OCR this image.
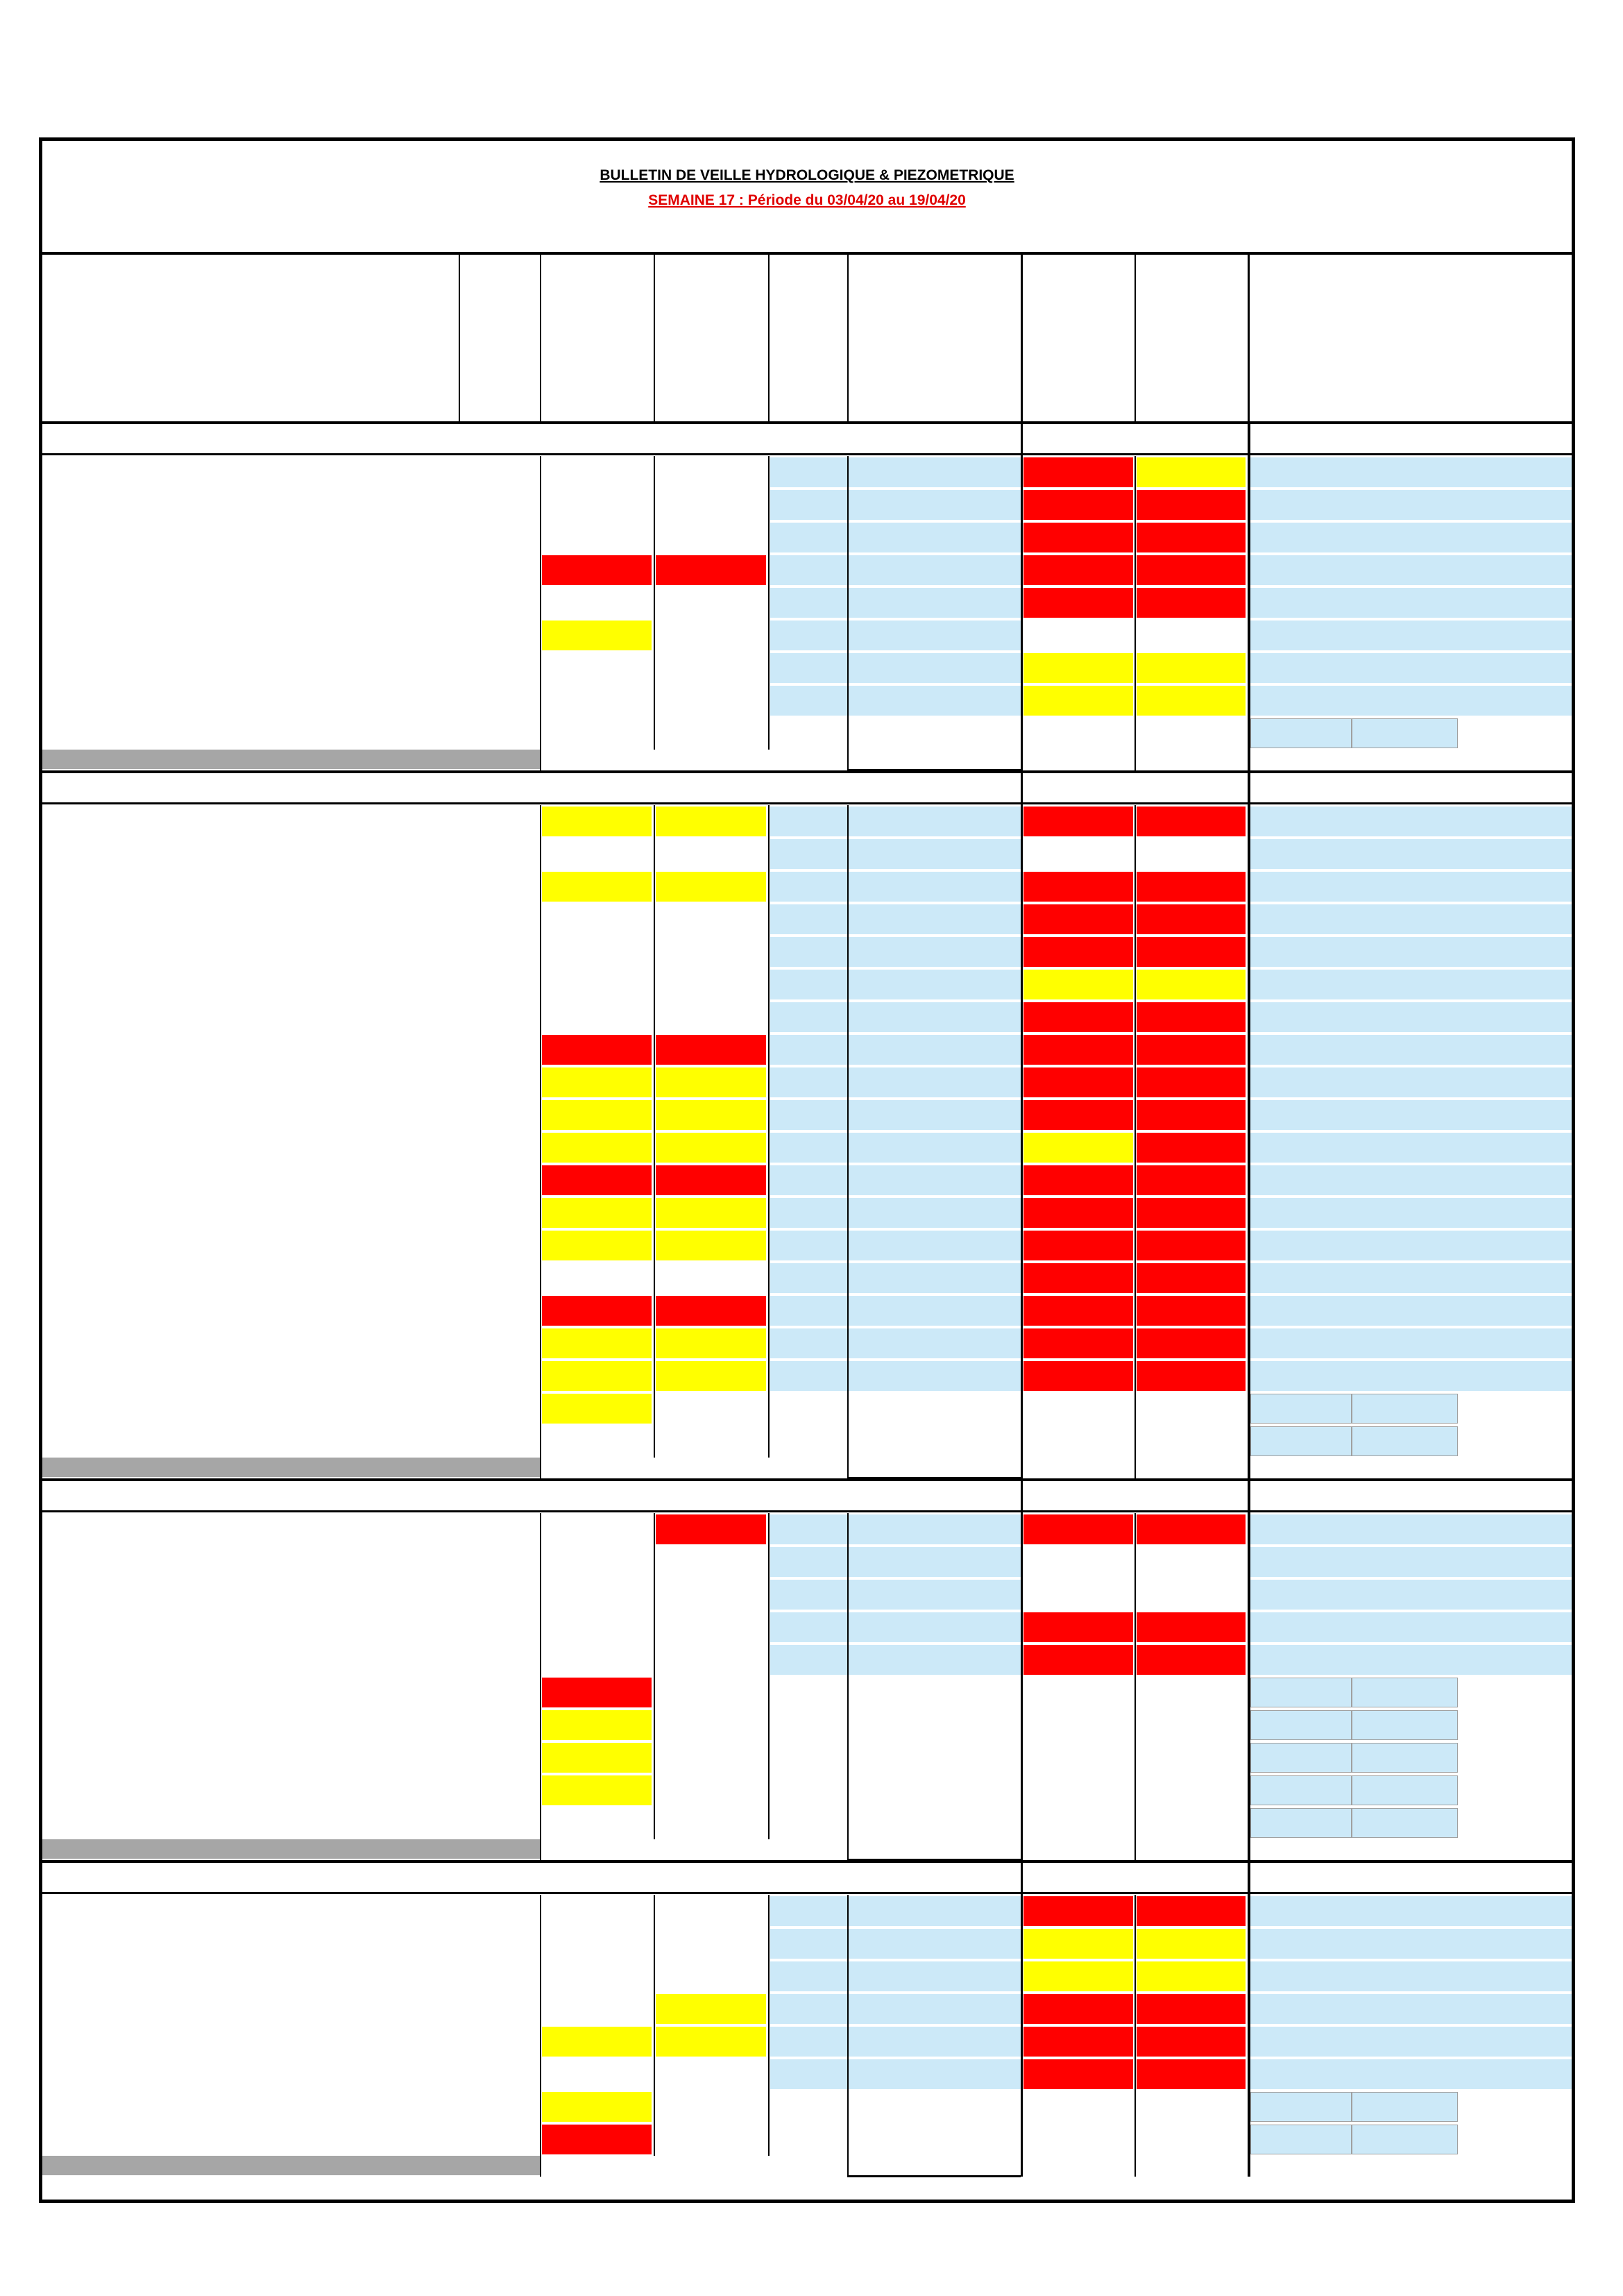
BULLETIN DE VEILLE HYDROLOGIQUE & PIEZOMETRIQUE
SEMAINE 17 : Période du 03/04/20 au 19/04/20
